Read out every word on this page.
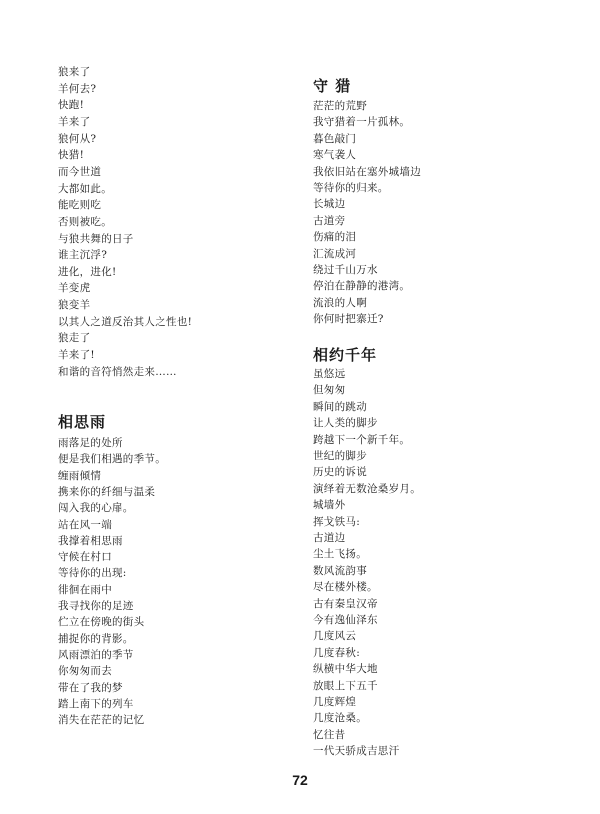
狼来了
羊何去?
快跑!
羊来了
狼何从?
快猎!
而今世道
大都如此。
能吃则吃
否则被吃。
与狼共舞的日子
谁主沉浮?
进化，进化!
羊变虎
狼变羊
以其人之道反治其人之性也!
狼走了
羊来了!
和谐的音符悄然走来……
相思雨
雨落足的处所
便是我们相遇的季节。
缠雨倾情
携来你的纤细与温柔
闯入我的心扉。
站在风一端
我撑着相思雨
守候在村口
等待你的出现:
徘徊在雨中
我寻找你的足迹
伫立在傍晚的街头
捕捉你的背影。
风雨漂泊的季节
你匆匆而去
带在了我的梦
踏上南下的列车
消失在茫茫的记忆
守 猎
茫茫的荒野
我守猎着一片孤林。
暮色敲门
寒气袭人
我依旧站在塞外城墙边
等待你的归来。
长城边
古道旁
伤痛的泪
汇流成河
绕过千山万水
停泊在静静的港湾。
流浪的人啊
你何时把寨迁?
相约千年
虽悠远
但匆匆
瞬间的跳动
让人类的脚步
跨越下一个新千年。
世纪的脚步
历史的诉说
演绎着无数沧桑岁月。
城墙外
挥戈铁马:
古道边
尘土飞扬。
数风流韵事
尽在楼外楼。
古有秦皇汉帝
今有逸仙泽东
几度风云
几度春秋:
纵横中华大地
放眼上下五千
几度辉煌
几度沧桑。
忆往昔
一代天骄成吉思汗
72
